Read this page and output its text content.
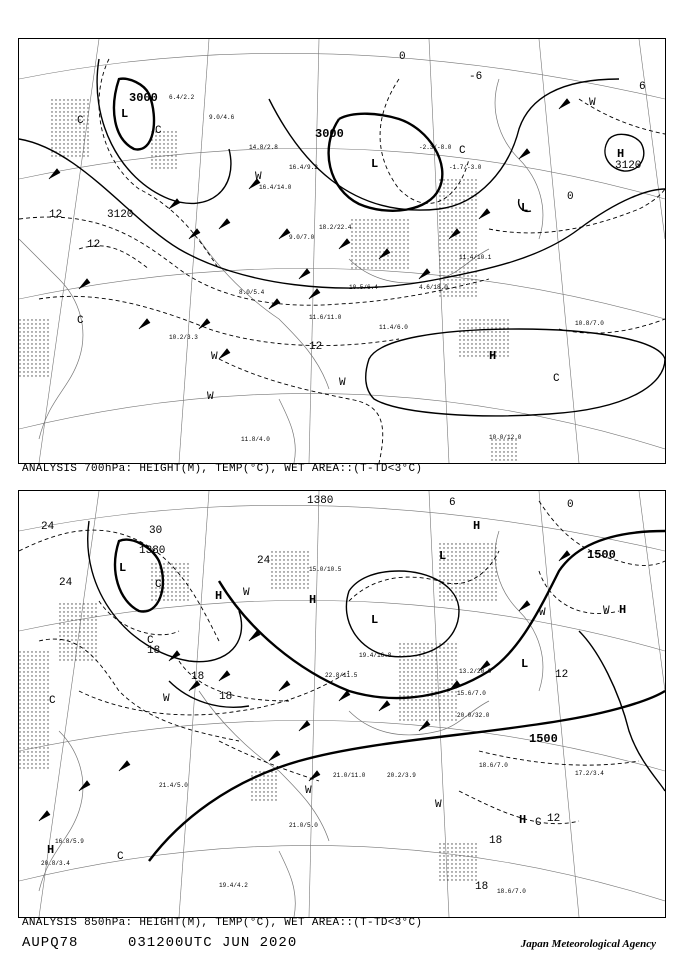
3000
3000
3120
3120
12
12
12
6
0
-6
0
L
L
L
H
H
C
C
C
C
C
W
W
W
W
W
6.4/2.2
9.0/4.6
14.8/2.8
16.4/9.2
16.4/14.0
18.2/22.4
-2.3/-8.0
-1.7/-3.0
9.0/7.0
11.4/6.0
10.8/7.0
11.6/11.0
8.0/5.4
10.5/6.4
11.4/10.1
4.6/18.0
10.0/12.0
11.8/4.0
10.2/3.3
ANALYSIS 700hPa: HEIGHT(M), TEMP(°C), WET AREA::(T-TD<3°C)
1380
1380
1500
1500
24
24
30
24
18
18
18
12
18
18
6	0
12
L
L
L
L
H	H
H
H
H
H
C
C
C
C
C
W
W
W
W
W
W
22.8/11.5
15.0/10.5
20.0/32.0
21.0/11.0	20.2/3.9
18.6/7.0
17.2/3.4
18.6/7.0
13.2/20.0
15.6/7.0
21.4/5.0
19.4/4.2
20.8/3.4
16.8/5.9
21.0/5.0
19.4/16.8
ANALYSIS 850hPa: HEIGHT(M), TEMP(°C), WET AREA::(T-TD<3°C)
AUPQ78	031200UTC JUN 2020	Japan Meteorological Agency
